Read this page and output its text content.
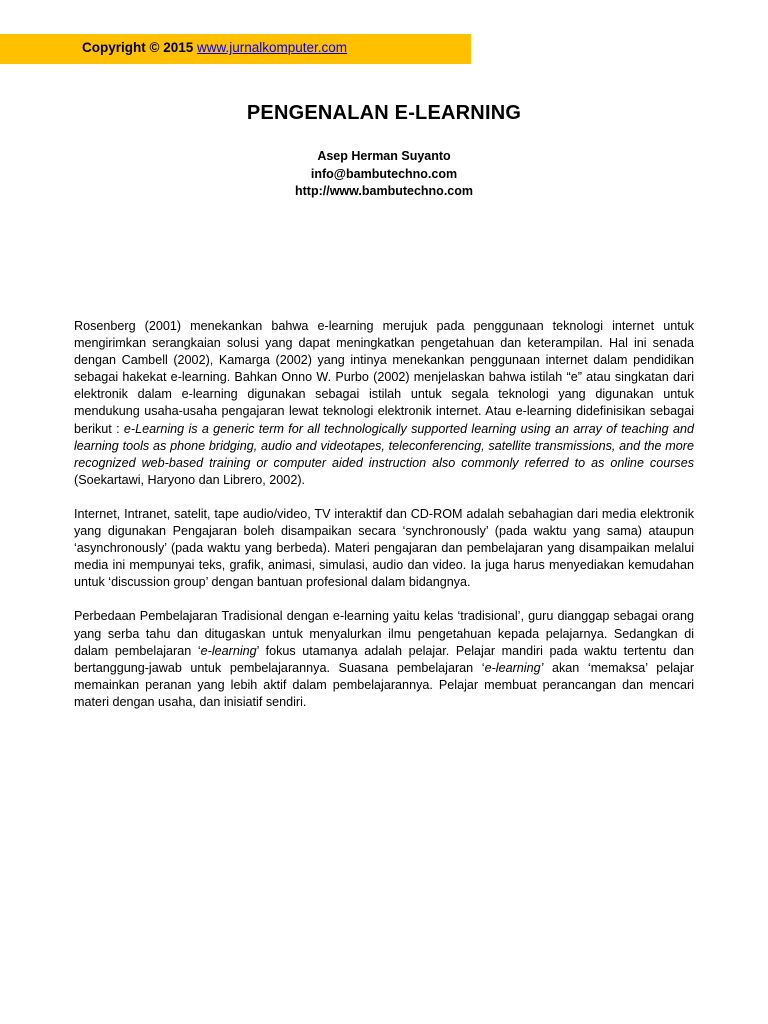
Copyright © 2015 www.jurnalkomputer.com
PENGENALAN E-LEARNING
Asep Herman Suyanto
info@bambutechno.com
http://www.bambutechno.com

Rosenberg (2001) menekankan bahwa e-learning merujuk pada penggunaan teknologi internet untuk mengirimkan serangkaian solusi yang dapat meningkatkan pengetahuan dan keterampilan. Hal ini senada dengan Cambell (2002), Kamarga (2002) yang intinya menekankan penggunaan internet dalam pendidikan sebagai hakekat e-learning. Bahkan Onno W. Purbo (2002) menjelaskan bahwa istilah “e” atau singkatan dari elektronik dalam e-learning digunakan sebagai istilah untuk segala teknologi yang digunakan untuk mendukung usaha-usaha pengajaran lewat teknologi elektronik internet. Atau e-learning didefinisikan sebagai berikut : e-Learning is a generic term for all technologically supported learning using an array of teaching and learning tools as phone bridging, audio and videotapes, teleconferencing, satellite transmissions, and the more recognized web-based training or computer aided instruction also commonly referred to as online courses (Soekartawi, Haryono dan Librero, 2002).

Internet, Intranet, satelit, tape audio/video, TV interaktif dan CD-ROM adalah sebahagian dari media elektronik yang digunakan Pengajaran boleh disampaikan secara ‘synchronously’ (pada waktu yang sama) ataupun ‘asynchronously’ (pada waktu yang berbeda). Materi pengajaran dan pembelajaran yang disampaikan melalui media ini mempunyai teks, grafik, animasi, simulasi, audio dan video. Ia juga harus menyediakan kemudahan untuk ‘discussion group’ dengan bantuan profesional dalam bidangnya.

Perbedaan Pembelajaran Tradisional dengan e-learning yaitu kelas ‘tradisional’, guru dianggap sebagai orang yang serba tahu dan ditugaskan untuk menyalurkan ilmu pengetahuan kepada pelajarnya. Sedangkan di dalam pembelajaran ‘e-learning’ fokus utamanya adalah pelajar. Pelajar mandiri pada waktu tertentu dan bertanggung-jawab untuk pembelajarannya. Suasana pembelajaran ‘e-learning’ akan ‘memaksa’ pelajar memainkan peranan yang lebih aktif dalam pembelajarannya. Pelajar membuat perancangan dan mencari materi dengan usaha, dan inisiatif sendiri.
